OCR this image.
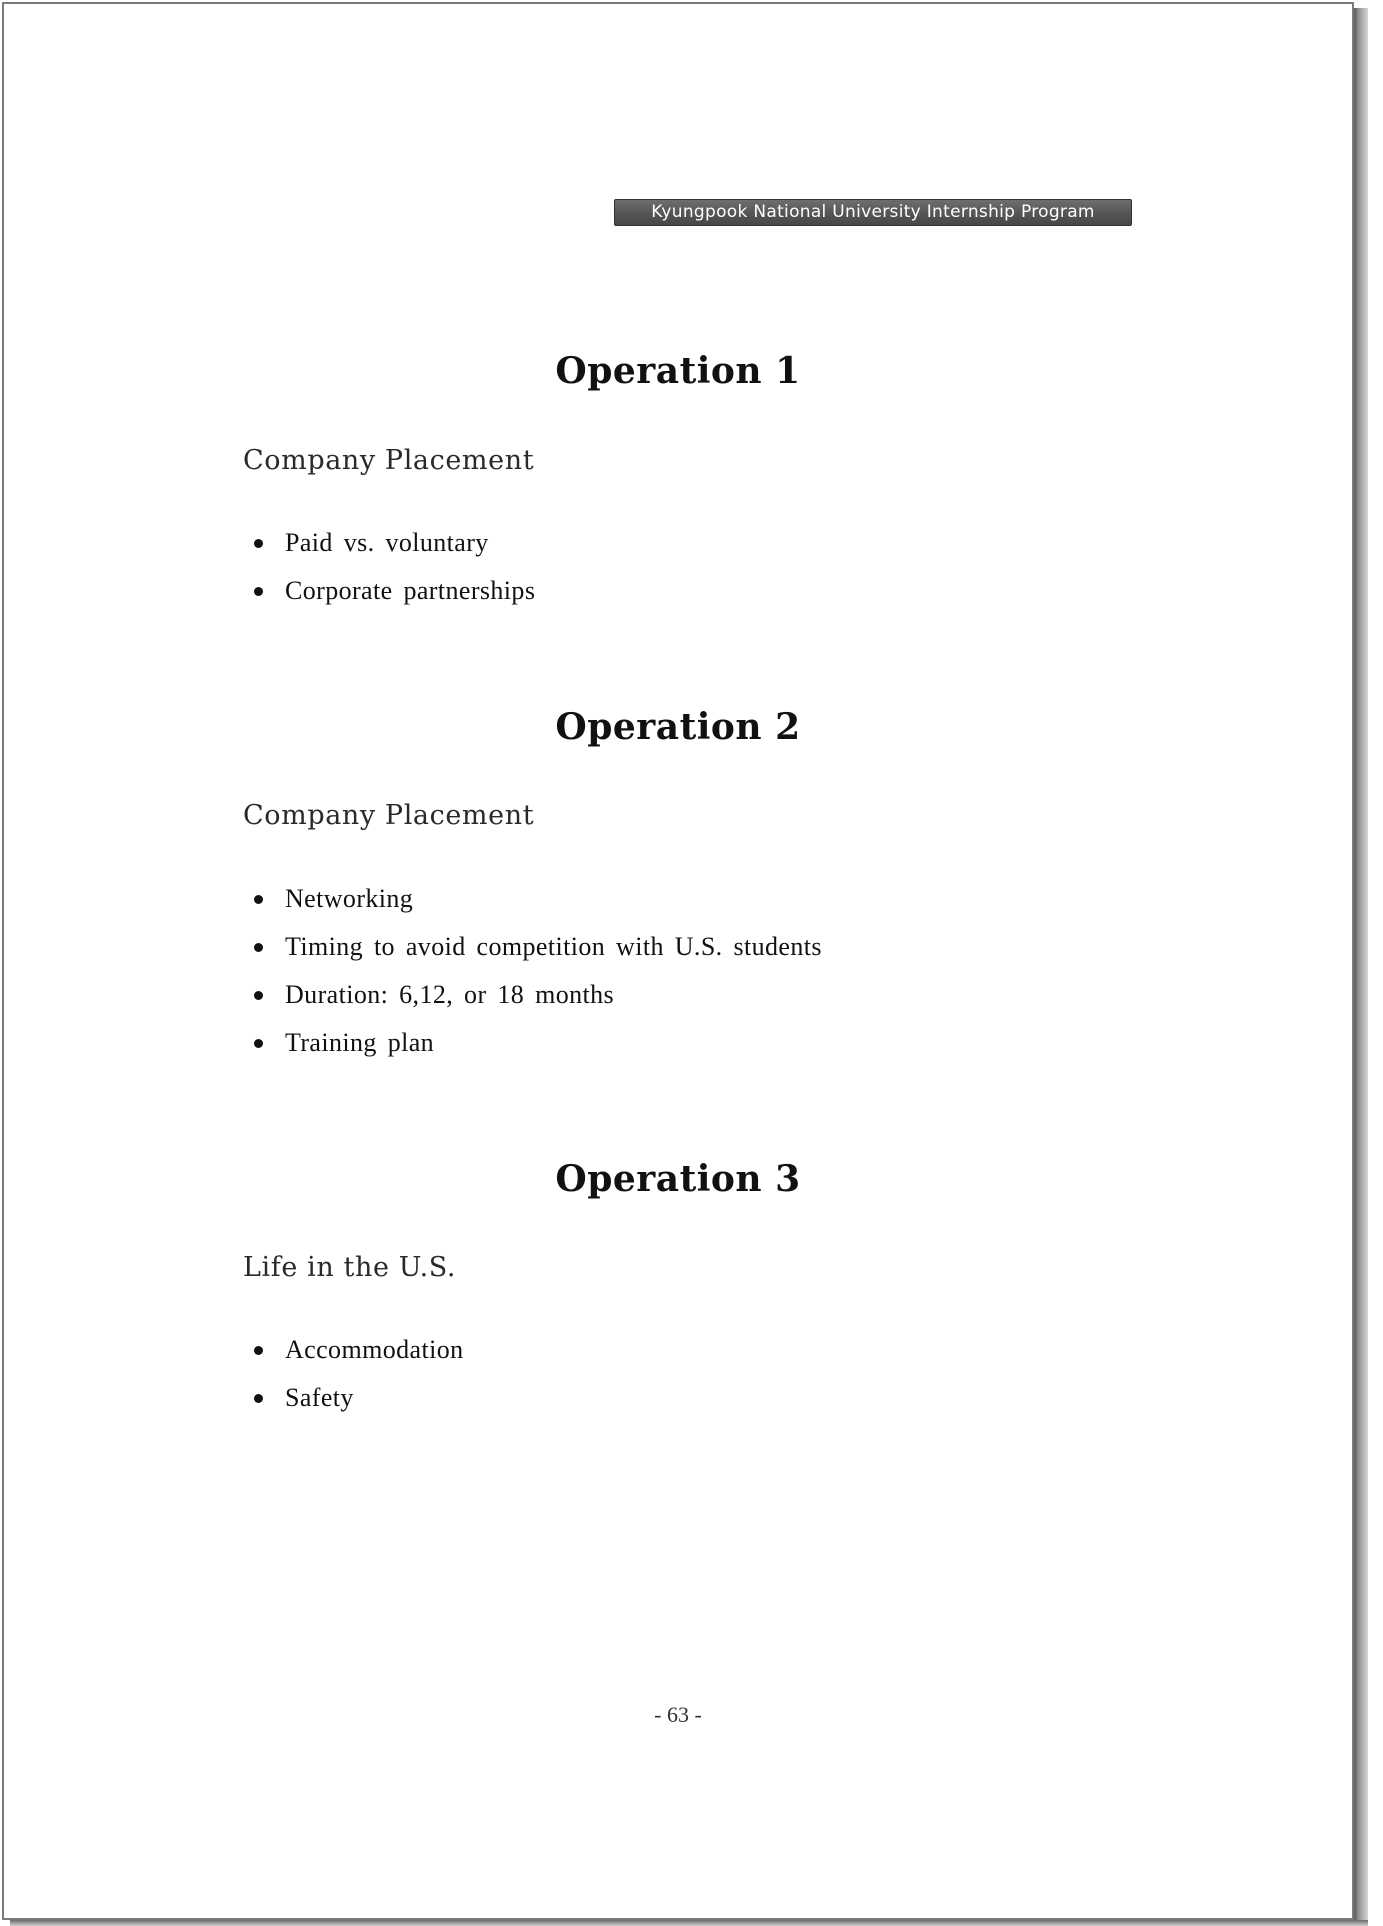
Kyungpook National University Internship Program
Operation 1
Company Placement
Paid vs. voluntary
Corporate partnerships
Operation 2
Company Placement
Networking
Timing to avoid competition with U.S. students
Duration: 6,12, or 18 months
Training plan
Operation 3
Life in the U.S.
Accommodation
Safety
- 63 -
